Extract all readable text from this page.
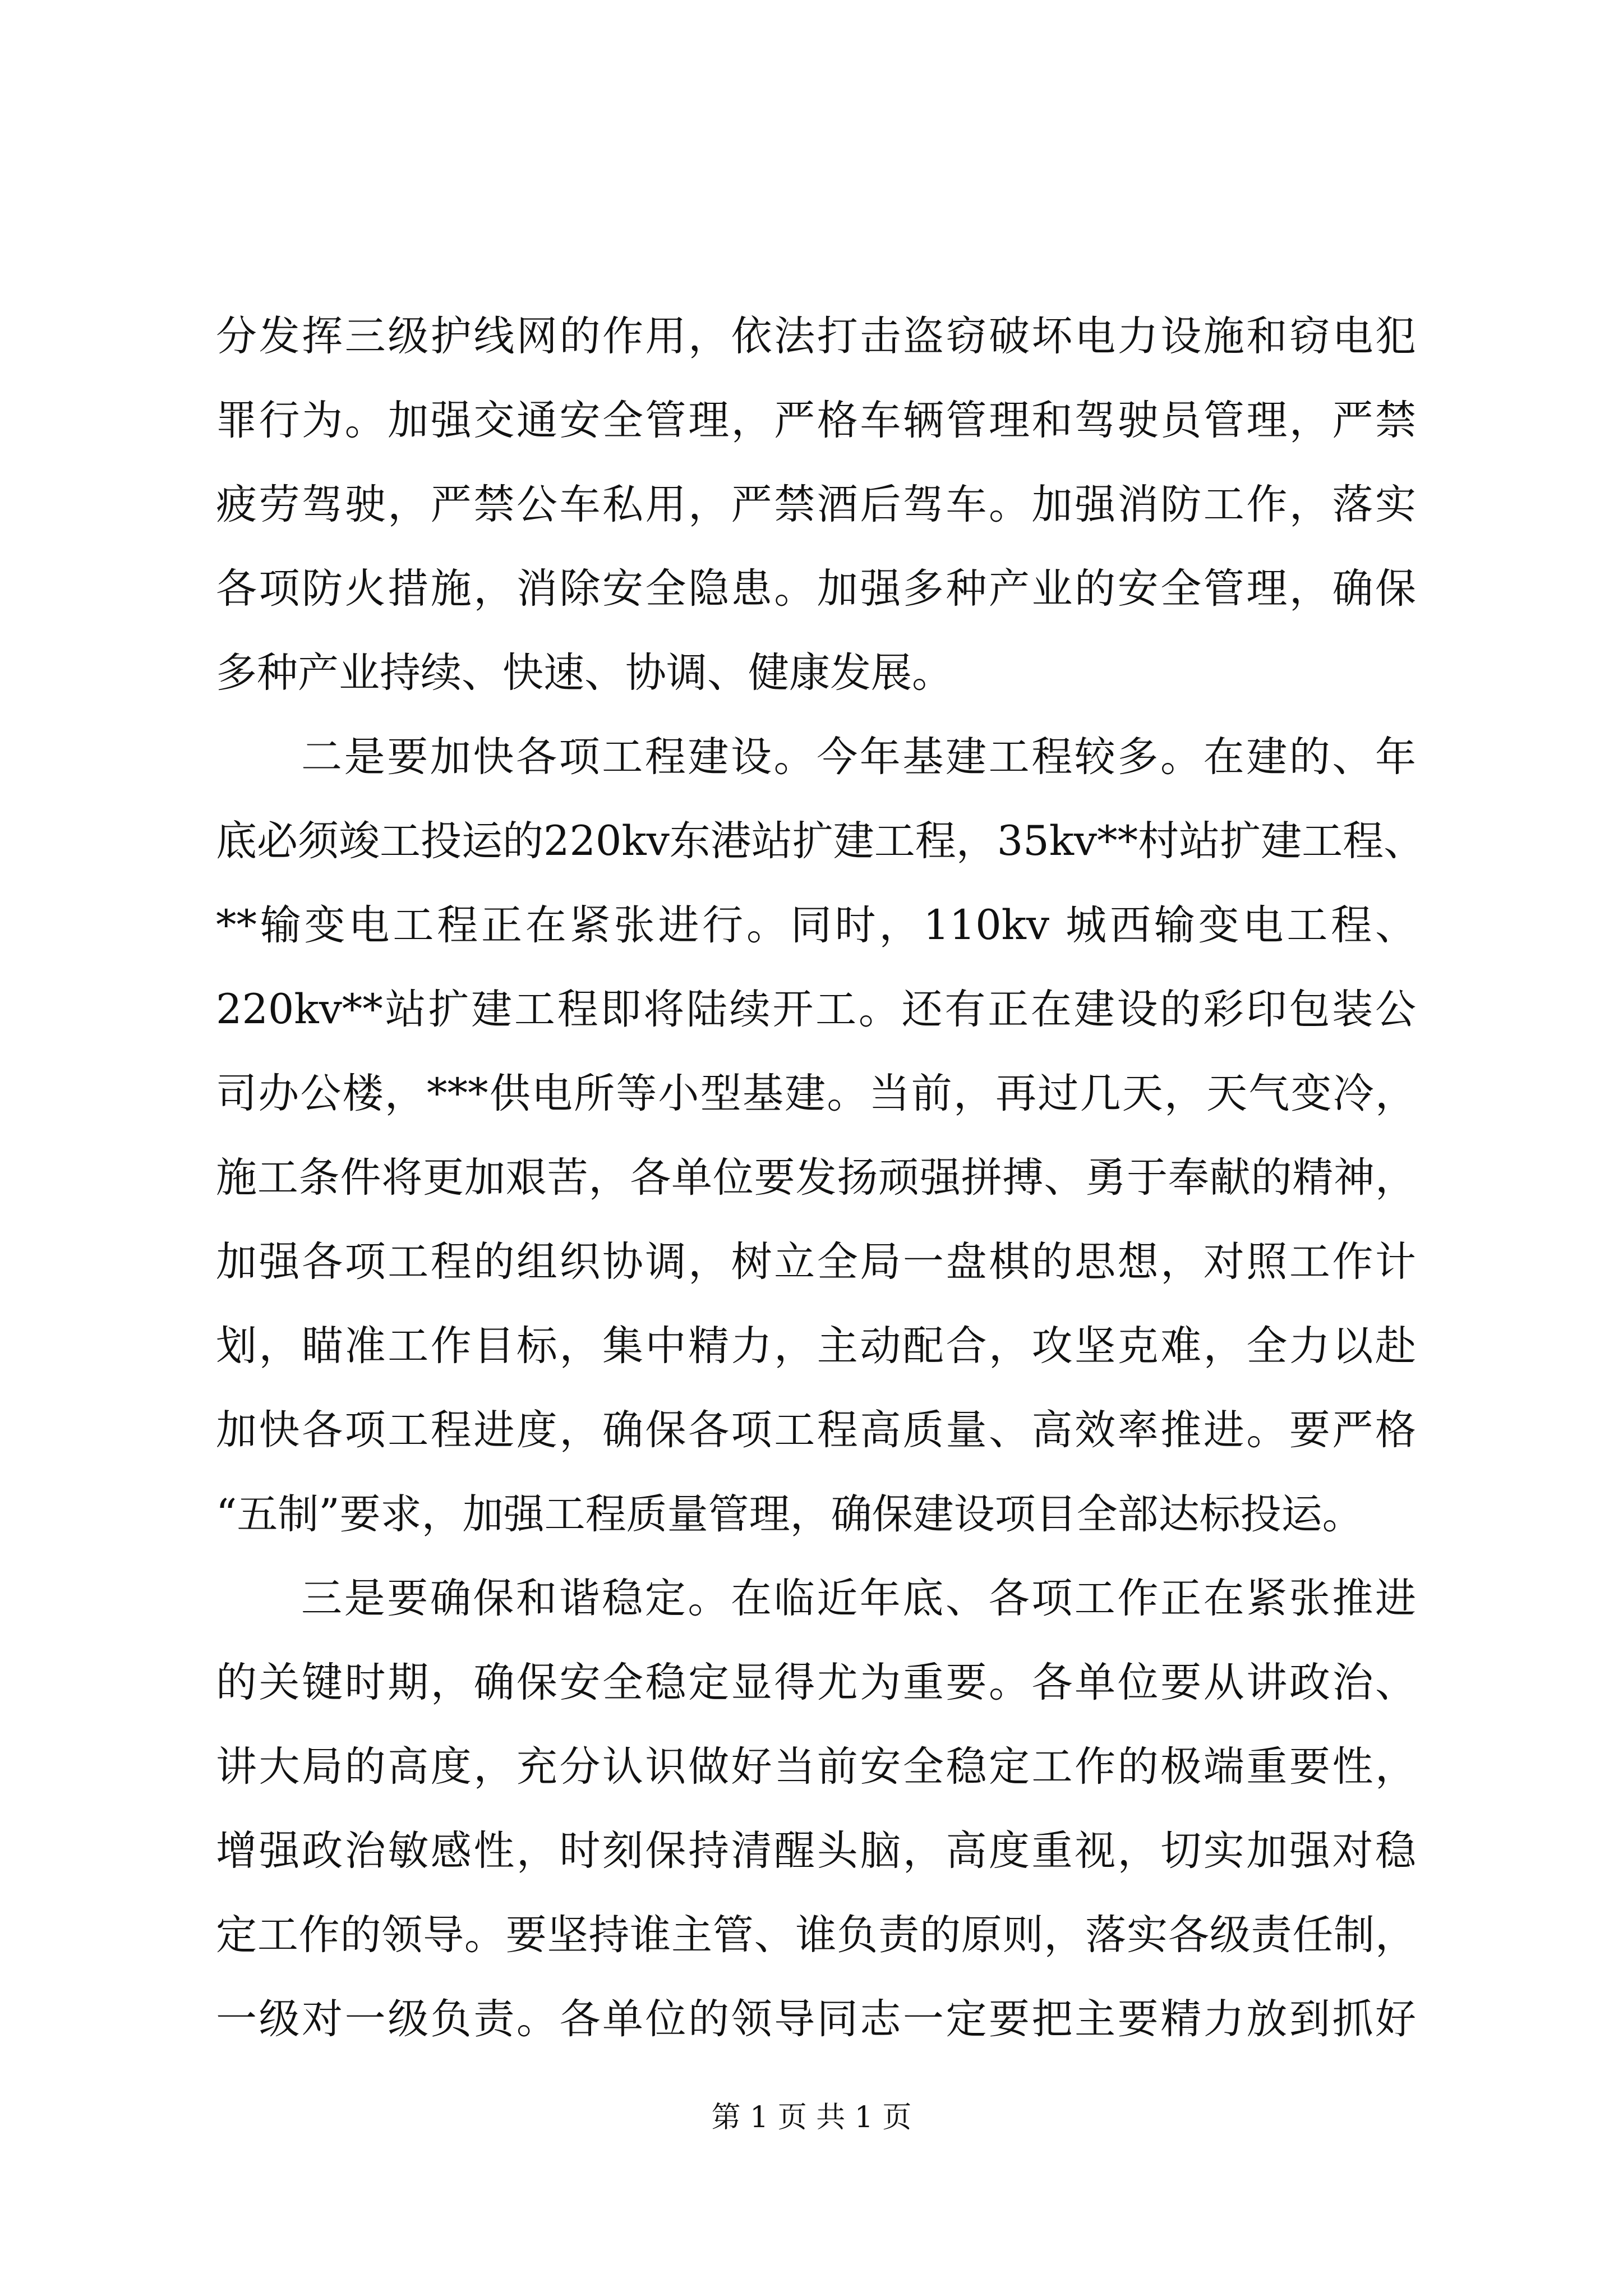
分发挥三级护线网的作用，依法打击盗窃破坏电力设施和窃电犯
罪行为。加强交通安全管理，严格车辆管理和驾驶员管理，严禁
疲劳驾驶，严禁公车私用，严禁酒后驾车。加强消防工作，落实
各项防火措施，消除安全隐患。加强多种产业的安全管理，确保
多种产业持续、快速、协调、健康发展。
二是要加快各项工程建设。今年基建工程较多。在建的、年
底必须竣工投运的220kv东港站扩建工程，35kv**村站扩建工程、
**输变电工程正在紧张进行。同时，110kv 城西输变电工程、
220kv**站扩建工程即将陆续开工。还有正在建设的彩印包装公
司办公楼，***供电所等小型基建。当前，再过几天，天气变冷，
施工条件将更加艰苦，各单位要发扬顽强拼搏、勇于奉献的精神，
加强各项工程的组织协调，树立全局一盘棋的思想，对照工作计
划，瞄准工作目标，集中精力，主动配合，攻坚克难，全力以赴
加快各项工程进度，确保各项工程高质量、高效率推进。要严格
“五制”要求，加强工程质量管理，确保建设项目全部达标投运。
三是要确保和谐稳定。在临近年底、各项工作正在紧张推进
的关键时期，确保安全稳定显得尤为重要。各单位要从讲政治、
讲大局的高度，充分认识做好当前安全稳定工作的极端重要性，
增强政治敏感性，时刻保持清醒头脑，高度重视，切实加强对稳
定工作的领导。要坚持谁主管、谁负责的原则，落实各级责任制，
一级对一级负责。各单位的领导同志一定要把主要精力放到抓好
第 1 页 共 1 页
